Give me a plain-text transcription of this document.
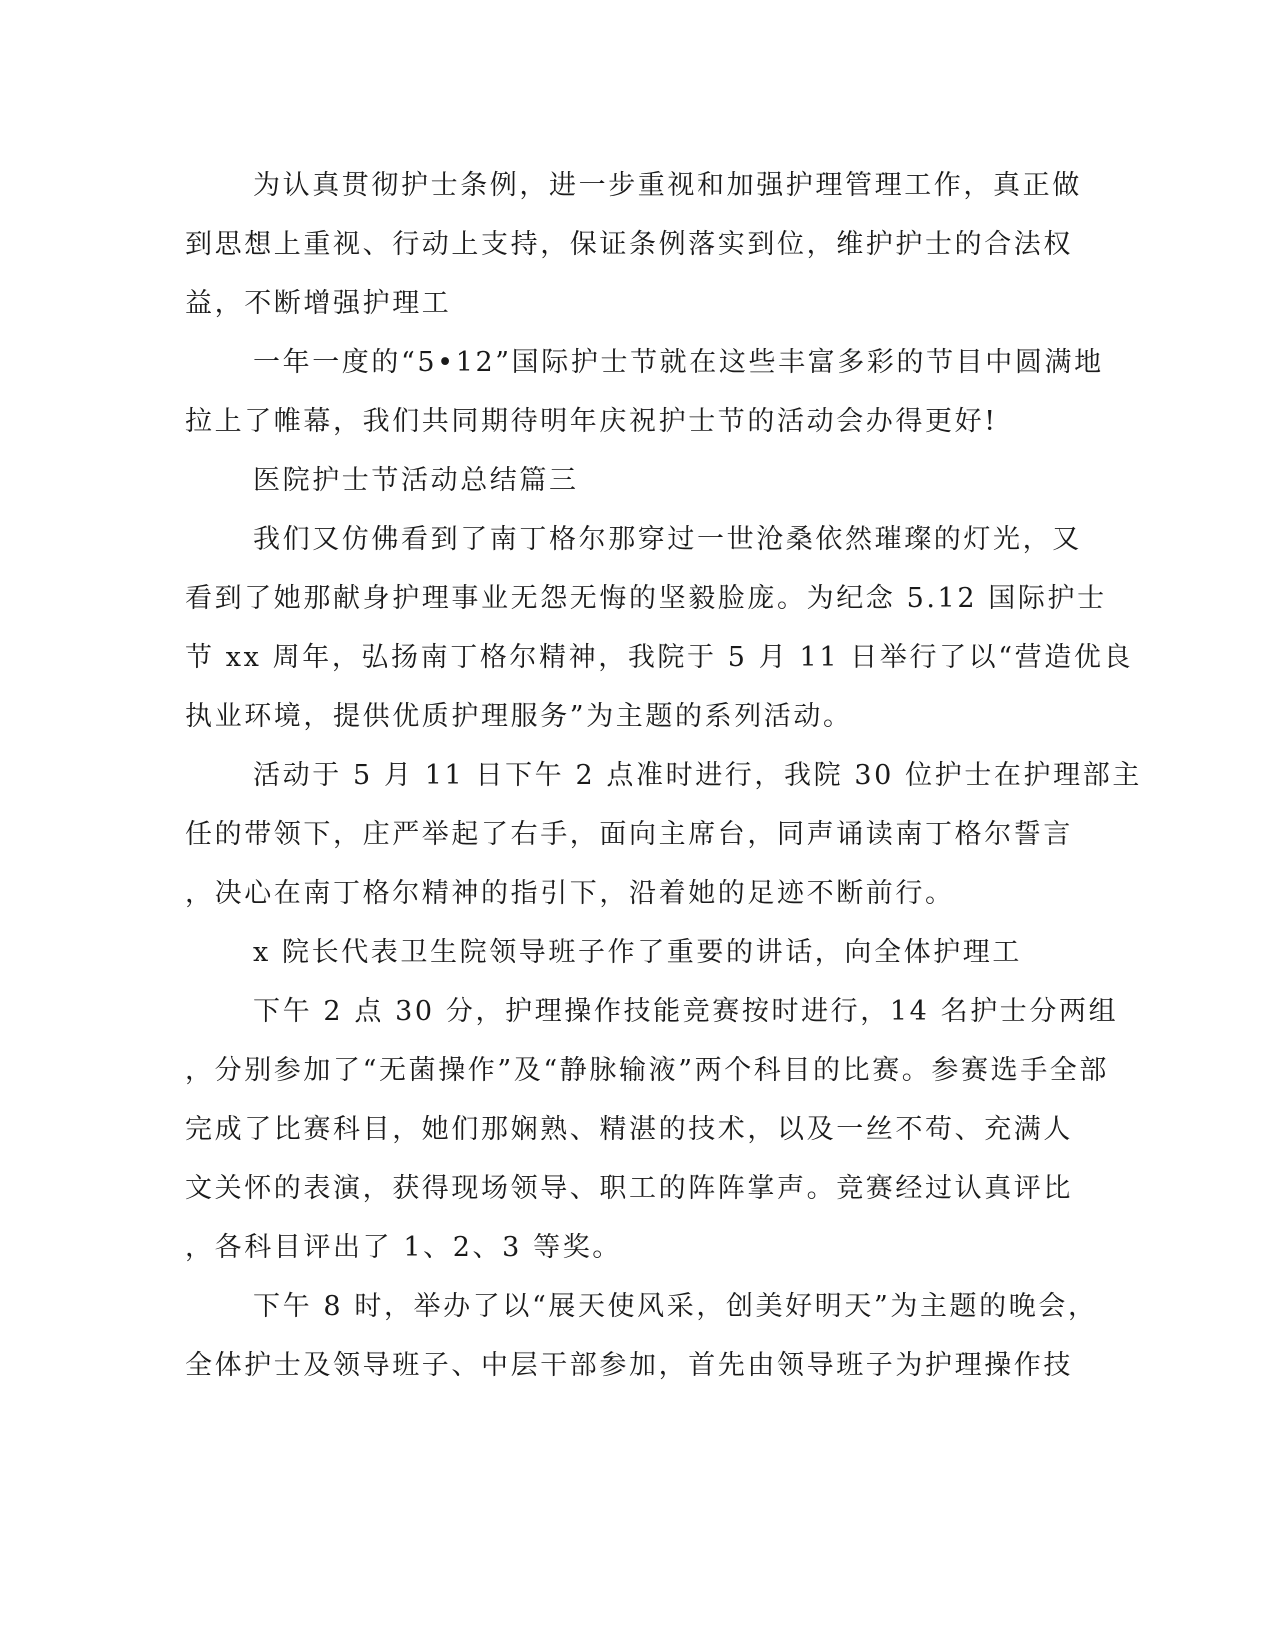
为认真贯彻护士条例，进一步重视和加强护理管理工作，真正做
到思想上重视、行动上支持，保证条例落实到位，维护护士的合法权
益，不断增强护理工
一年一度的“5•12”国际护士节就在这些丰富多彩的节目中圆满地
拉上了帷幕，我们共同期待明年庆祝护士节的活动会办得更好!
医院护士节活动总结篇三
我们又仿佛看到了南丁格尔那穿过一世沧桑依然璀璨的灯光，又
看到了她那献身护理事业无怨无悔的坚毅脸庞。为纪念 5.12 国际护士
节 xx 周年，弘扬南丁格尔精神，我院于 5 月 11 日举行了以“营造优良
执业环境，提供优质护理服务”为主题的系列活动。
活动于 5 月 11 日下午 2 点准时进行，我院 30 位护士在护理部主
任的带领下，庄严举起了右手，面向主席台，同声诵读南丁格尔誓言
，决心在南丁格尔精神的指引下，沿着她的足迹不断前行。
x 院长代表卫生院领导班子作了重要的讲话，向全体护理工
下午 2 点 30 分，护理操作技能竞赛按时进行，14 名护士分两组
，分别参加了“无菌操作”及“静脉输液”两个科目的比赛。参赛选手全部
完成了比赛科目，她们那娴熟、精湛的技术，以及一丝不苟、充满人
文关怀的表演，获得现场领导、职工的阵阵掌声。竞赛经过认真评比
，各科目评出了 1、2、3 等奖。
下午 8 时，举办了以“展天使风采，创美好明天”为主题的晚会，
全体护士及领导班子、中层干部参加，首先由领导班子为护理操作技
